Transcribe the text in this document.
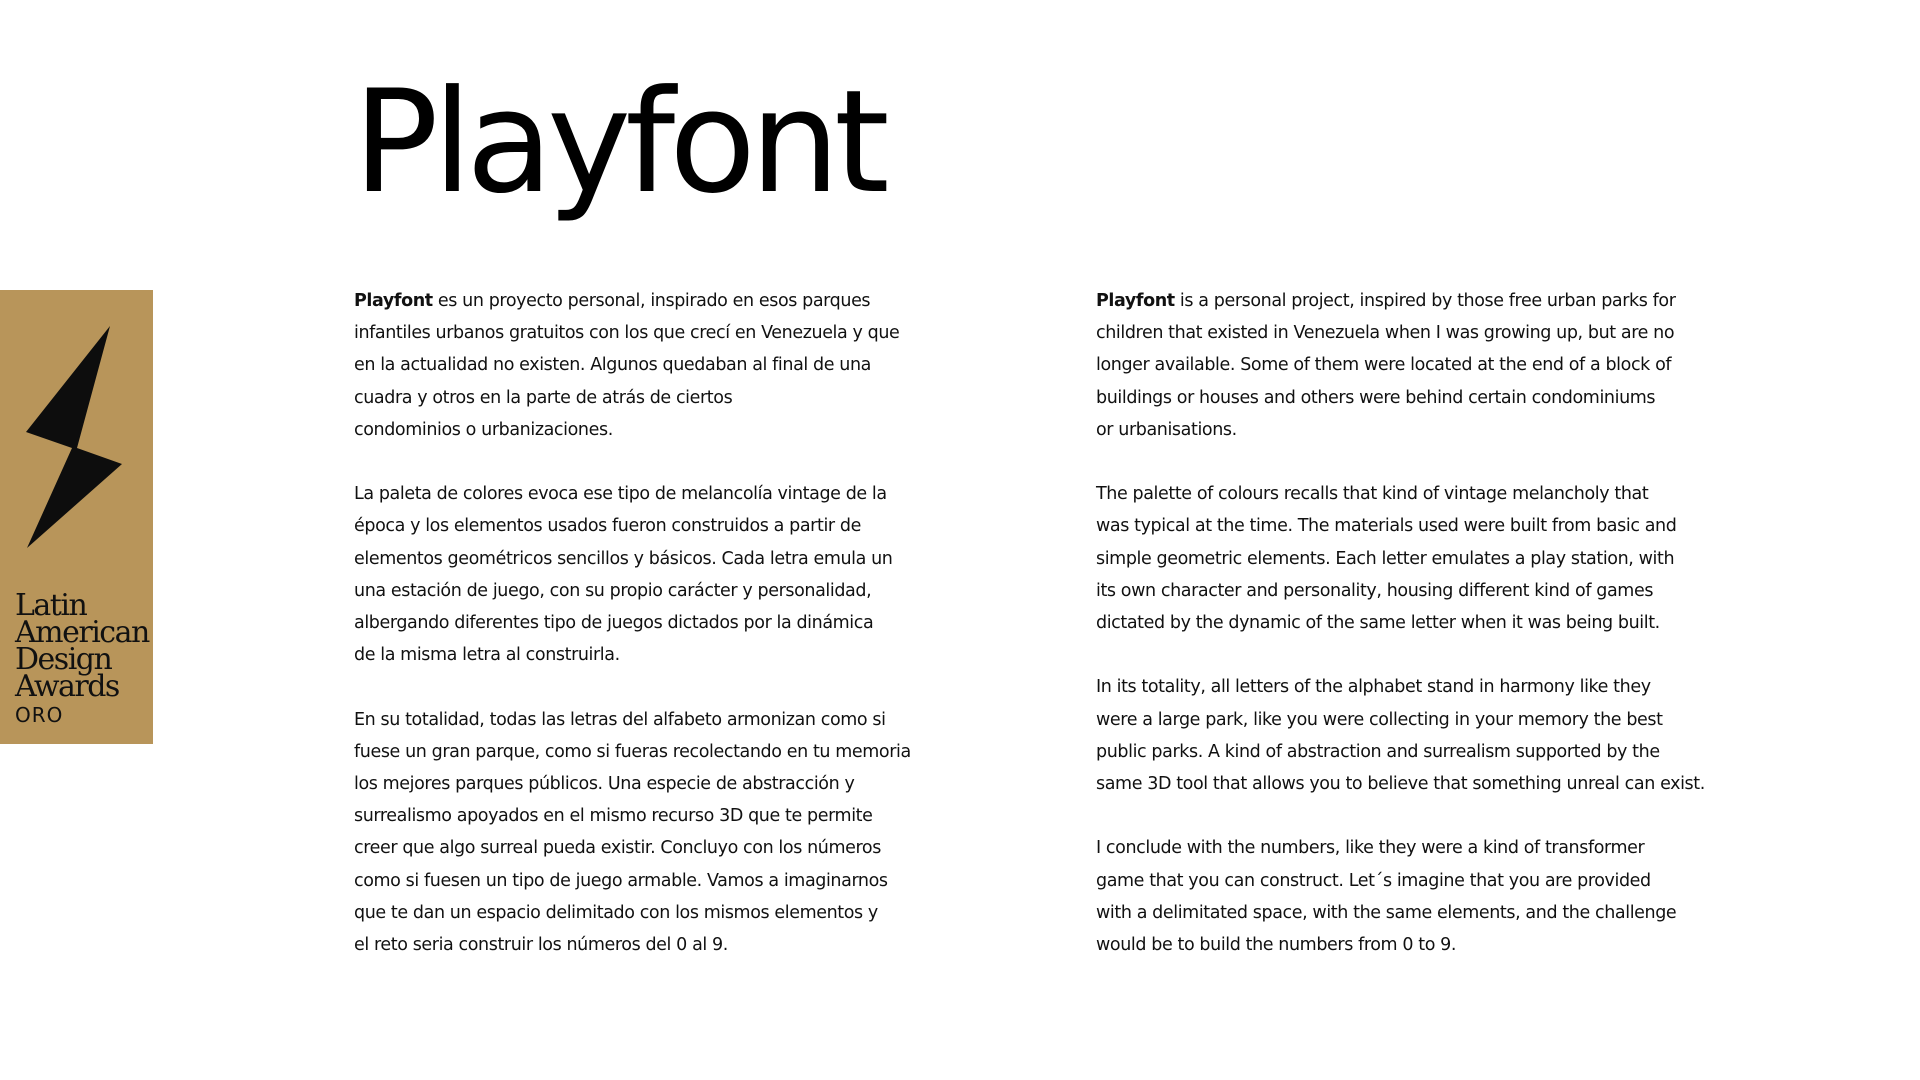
Playfont
Latin
American
Design
Awards
ORO

Playfont es un proyecto personal, inspirado en esos parques
infantiles urbanos gratuitos con los que crecí en Venezuela y que
en la actualidad no existen. Algunos quedaban al final de una
cuadra y otros en la parte de atrás de ciertos
condominios o urbanizaciones.

La paleta de colores evoca ese tipo de melancolía vintage de la
época y los elementos usados fueron construidos a partir de
elementos geométricos sencillos y básicos. Cada letra emula un
una estación de juego, con su propio carácter y personalidad,
albergando diferentes tipo de juegos dictados por la dinámica
de la misma letra al construirla.

En su totalidad, todas las letras del alfabeto armonizan como si
fuese un gran parque, como si fueras recolectando en tu memoria
los mejores parques públicos. Una especie de abstracción y
surrealismo apoyados en el mismo recurso 3D que te permite
creer que algo surreal pueda existir. Concluyo con los números
como si fuesen un tipo de juego armable. Vamos a imaginarnos
que te dan un espacio delimitado con los mismos elementos y
el reto seria construir los números del 0 al 9.

Playfont is a personal project, inspired by those free urban parks for
children that existed in Venezuela when I was growing up, but are no
longer available. Some of them were located at the end of a block of
buildings or houses and others were behind certain condominiums
or urbanisations.

The palette of colours recalls that kind of vintage melancholy that
was typical at the time. The materials used were built from basic and
simple geometric elements. Each letter emulates a play station, with
its own character and personality, housing different kind of games
dictated by the dynamic of the same letter when it was being built.

In its totality, all letters of the alphabet stand in harmony like they
were a large park, like you were collecting in your memory the best
public parks. A kind of abstraction and surrealism supported by the
same 3D tool that allows you to believe that something unreal can exist.

I conclude with the numbers, like they were a kind of transformer
game that you can construct. Let´s imagine that you are provided
with a delimitated space, with the same elements, and the challenge
would be to build the numbers from 0 to 9.
